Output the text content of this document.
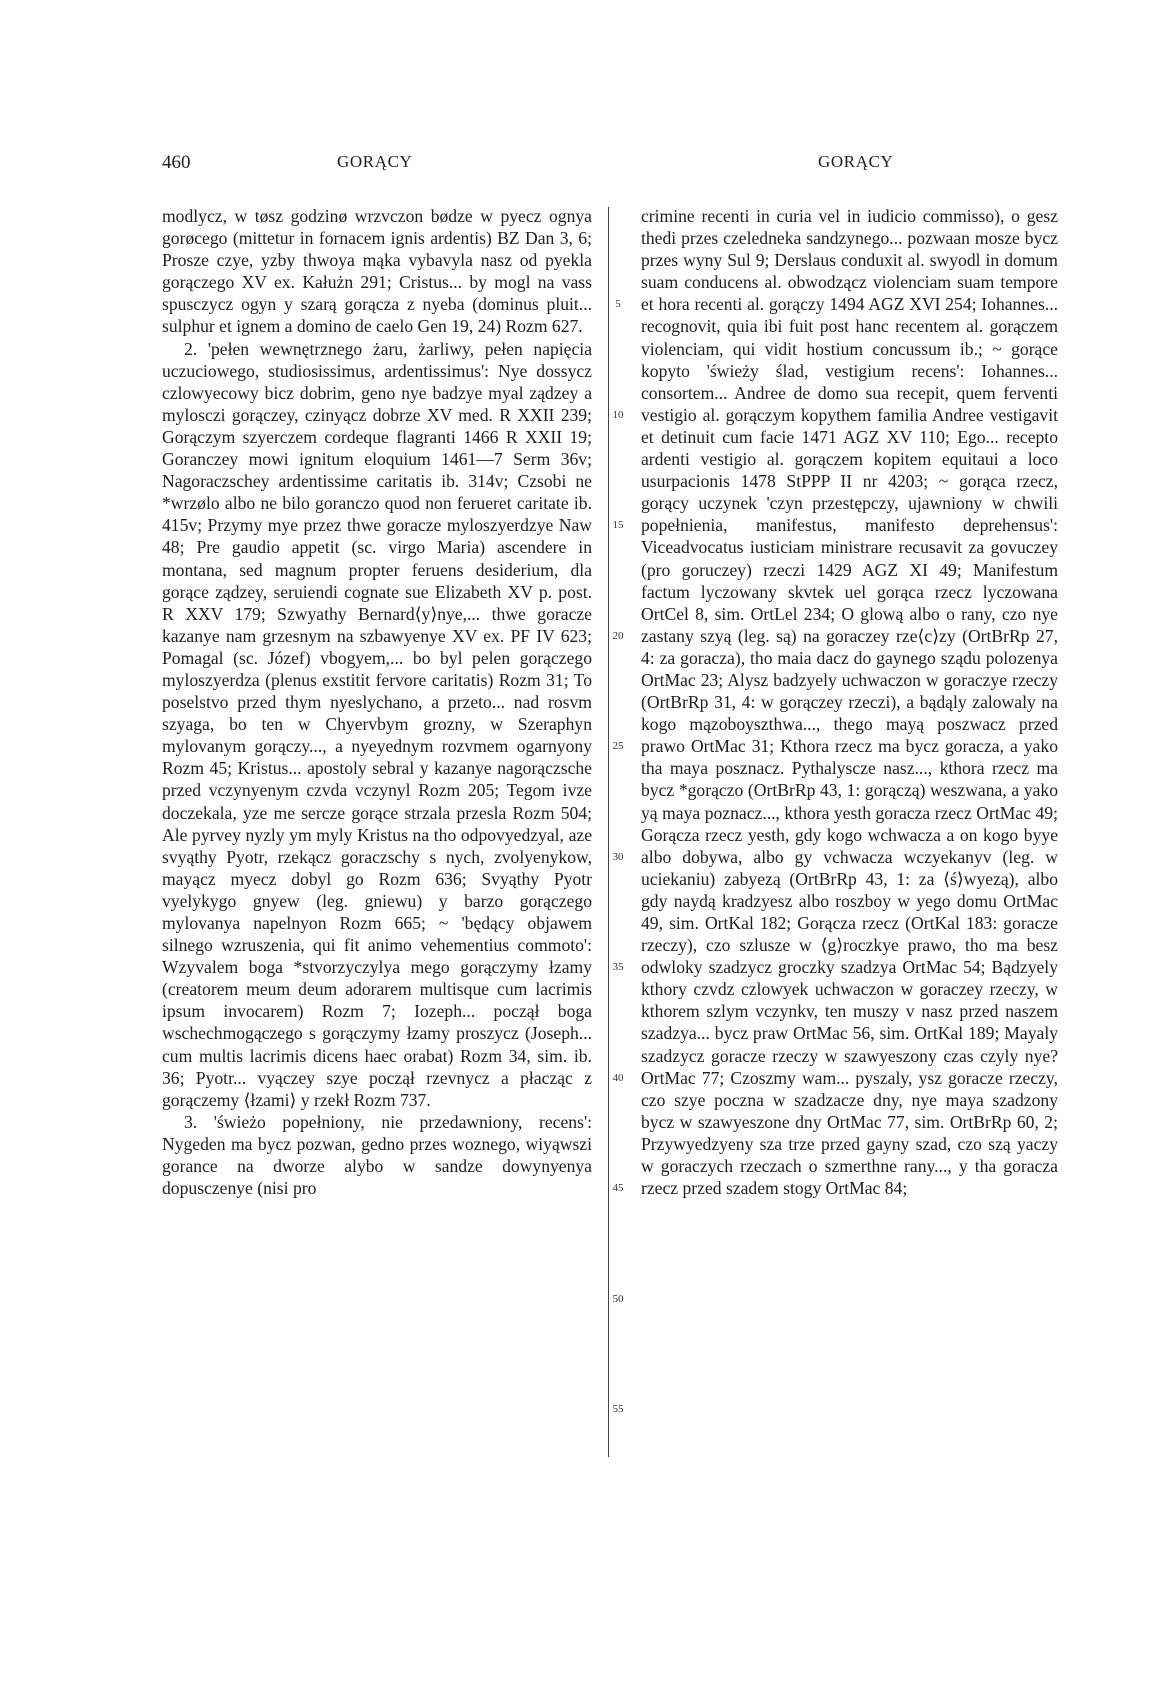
460	GORĄCY	GORĄCY

modlycz, w tøsz godzinø wrzvczon bødze w pyecz ognya gorøcego (mittetur in fornacem ignis ardentis) BZ Dan 3, 6; Prosze czye, yzby thwoya mąka vybavyla nasz od pyekla gorączego XV ex. Kałużn 291; Cristus... by mogl na vass spusczycz ogyn y szarą gorącza z nyeba (dominus pluit... sulphur et ignem a domino de caelo Gen 19, 24) Rozm 627.

2. 'pełen wewnętrznego żaru, żarliwy, pełen napięcia uczuciowego, studiosissimus, ardentissimus': Nye dossycz czlowyecowy bicz dobrim, geno nye badzye myal ządzey a mylosczi gorączey, czinyącz dobrze XV med. R XXII 239; Gorączym szyerczem cordeque flagranti 1466 R XXII 19; Goranczey mowi ignitum eloquium 1461—7 Serm 36v; Nagoraczschey ardentissime caritatis ib. 314v; Czsobi ne *wrzølo albo ne bilo goranczo quod non ferueret caritate ib. 415v; Przymy mye przez thwe goracze myloszyerdzye Naw 48; Pre gaudio appetit (sc. virgo Maria) ascendere in montana, sed magnum propter feruens desiderium, dla gorące ządzey, seruiendi cognate sue Elizabeth XV p. post. R XXV 179; Szwyathy Bernard⟨y⟩nye,... thwe goracze kazanye nam grzesnym na szbawyenye XV ex. PF IV 623; Pomagal (sc. Józef) vbogyem,... bo byl pelen gorączego myloszyerdza (plenus exstitit fervore caritatis) Rozm 31; To poselstvo przed thym nyeslychano, a przeto... nad rosvm szyaga, bo ten w Chyervbym grozny, w Szeraphyn mylovanym gorączy..., a nyeyednym rozvmem ogarnyony Rozm 45; Kristus... apostoly sebral y kazanye nagorączsche przed vczynyenym czvda vczynyl Rozm 205; Tegom ivze doczekala, yze me sercze gorące strzala przesla Rozm 504; Ale pyrvey nyzly ym myly Kristus na tho odpovyedzyal, aze svyąthy Pyotr, rzekącz goraczschy s nych, zvolyenykow, mayącz myecz dobyl go Rozm 636; Svyąthy Pyotr vyelykygo gnyew (leg. gniewu) y barzo gorączego mylovanya napelnyon Rozm 665; ~ 'będący objawem silnego wzruszenia, qui fit animo vehementius commoto': Wzyvalem boga *stvorzyczylya mego gorączymy łzamy (creatorem meum deum adorarem multisque cum lacrimis ipsum invocarem) Rozm 7; Iozeph... począł boga wschechmogączego s gorączymy łzamy proszycz (Joseph... cum multis lacrimis dicens haec orabat) Rozm 34, sim. ib. 36; Pyotr... vyączey szye począł rzevnycz a płacząc z gorączemy ⟨łzami⟩ y rzekł Rozm 737.

3. 'świeżo popełniony, nie przedawniony, recens': Nygeden ma bycz pozwan, gedno przes woznego, wiyąwszi gorance na dworze alybo w sandze dowynyenya dopusczenye (nisi pro

5
10
15
20
25
30
35
40
45
50
55

crimine recenti in curia vel in iudicio commisso), o gesz thedi przes czeledneka sandzynego... pozwaan mosze bycz przes wyny Sul 9; Derslaus conduxit al. swyodl in domum suam conducens al. obwodzącz violenciam suam tempore et hora recenti al. gorączy 1494 AGZ XVI 254; Iohannes... recognovit, quia ibi fuit post hanc recentem al. gorączem violenciam, qui vidit hostium concussum ib.; ~ gorące kopyto 'świeży ślad, vestigium recens': Iohannes... consortem... Andree de domo sua recepit, quem ferventi vestigio al. gorączym kopythem familia Andree vestigavit et detinuit cum facie 1471 AGZ XV 110; Ego... recepto ardenti vestigio al. gorączem kopitem equitaui a loco usurpacionis 1478 StPPP II nr 4203; ~ gorąca rzecz, gorący uczynek 'czyn przestępczy, ujawniony w chwili popełnienia, manifestus, manifesto deprehensus': Viceadvocatus iusticiam ministrare recusavit za govuczey (pro goruczey) rzeczi 1429 AGZ XI 49; Manifestum factum lyczowany skvtek uel gorąca rzecz lyczowana OrtCel 8, sim. OrtLel 234; O glową albo o rany, czo nye zastany szyą (leg. są) na goraczey rze⟨c⟩zy (OrtBrRp 27, 4: za goracza), tho maia dacz do gaynego sządu polozenya OrtMac 23; Alysz badzyely uchwaczon w goraczye rzeczy (OrtBrRp 31, 4: w gorączey rzeczi), a bądąly zalowaly na kogo mązoboyszthwa..., thego mayą poszwacz przed prawo OrtMac 31; Kthora rzecz ma bycz goracza, a yako tha maya posznacz. Pythalyscze nasz..., kthora rzecz ma bycz *gorączo (OrtBrRp 43, 1: gorączą) weszwana, a yako yą maya poznacz..., kthora yesth goracza rzecz OrtMac 49; Gorącza rzecz yesth, gdy kogo wchwacza a on kogo byye albo dobywa, albo gy vchwacza wczyekanyv (leg. w uciekaniu) zabyezą (OrtBrRp 43, 1: za ⟨ś⟩wyezą), albo gdy naydą kradzyesz albo roszboy w yego domu OrtMac 49, sim. OrtKal 182; Gorącza rzecz (OrtKal 183: goracze rzeczy), czo szlusze w ⟨g⟩roczkye prawo, tho ma besz odwloky szadzycz groczky szadzya OrtMac 54; Bądzyely kthory czvdz czlowyek uchwaczon w goraczey rzeczy, w kthorem szlym vczynkv, ten muszy v nasz przed naszem szadzya... bycz praw OrtMac 56, sim. OrtKal 189; Mayaly szadzycz goracze rzeczy w szawyeszony czas czyly nye? OrtMac 77; Czoszmy wam... pyszaly, ysz goracze rzeczy, czo szye poczna w szadzacze dny, nye maya szadzony bycz w szawyeszone dny OrtMac 77, sim. OrtBrRp 60, 2; Przywyedzyeny sza trze przed gayny szad, czo szą yaczy w goraczych rzeczach o szmerthne rany..., y tha goracza rzecz przed szadem stogy OrtMac 84;
